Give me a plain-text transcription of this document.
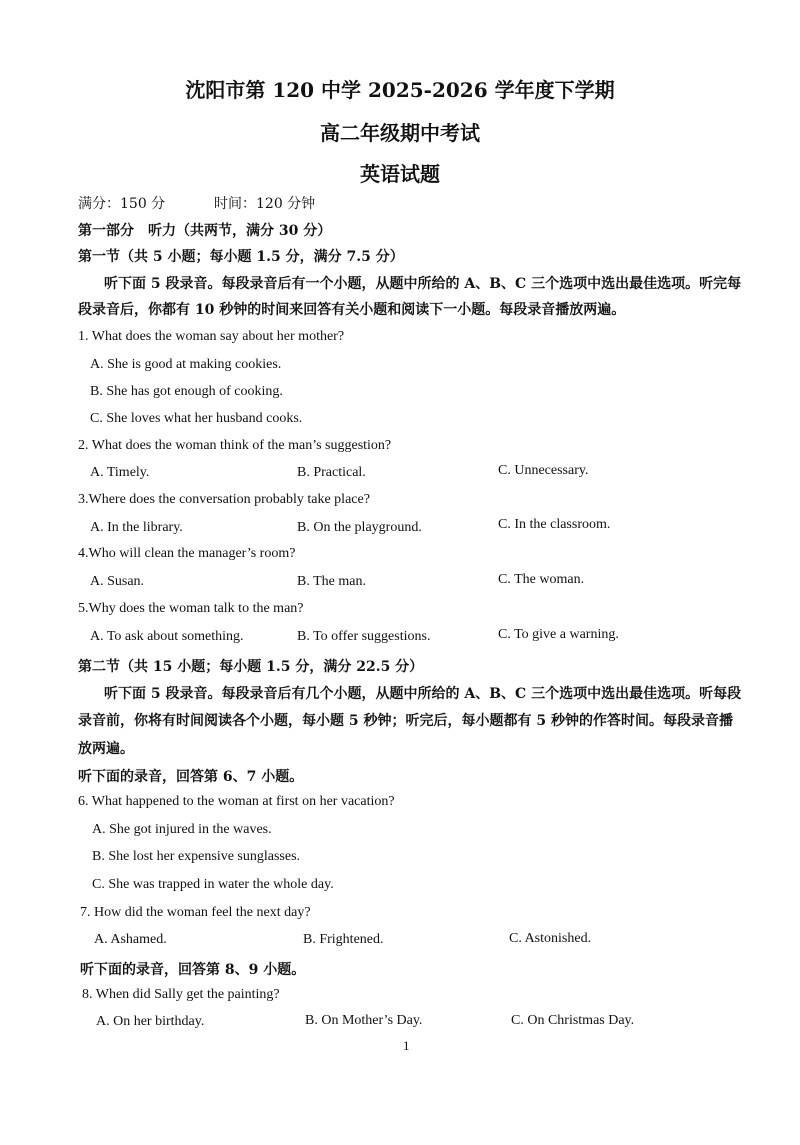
沈阳市第 120 中学 2025-2026 学年度下学期
高二年级期中考试
英语试题
满分：150 分	时间：120 分钟
第一部分　听力（共两节，满分 30 分）
第一节（共 5 小题；每小题 1.5 分，满分 7.5 分）
听下面 5 段录音。每段录音后有一个小题，从题中所给的 A、B、C 三个选项中选出最佳选项。听完每
段录音后，你都有 10 秒钟的时间来回答有关小题和阅读下一小题。每段录音播放两遍。
1. What does the woman say about her mother?
A. She is good at making cookies.
B. She has got enough of cooking.
C. She loves what her husband cooks.
2. What does the woman think of the man’s suggestion?
A. Timely.	B. Practical.	C. Unnecessary.
3.Where does the conversation probably take place?
A. In the library.	B. On the playground.	C. In the classroom.
4.Who will clean the manager’s room?
A. Susan.	B. The man.	C. The woman.
5.Why does the woman talk to the man?
A. To ask about something.	B. To offer suggestions.	C. To give a warning.
第二节（共 15 小题；每小题 1.5 分，满分 22.5 分）
听下面 5 段录音。每段录音后有几个小题，从题中所给的 A、B、C 三个选项中选出最佳选项。听每段
录音前，你将有时间阅读各个小题，每小题 5 秒钟；听完后，每小题都有 5 秒钟的作答时间。每段录音播
放两遍。
听下面的录音，回答第 6、7 小题。
6. What happened to the woman at first on her vacation?
A. She got injured in the waves.
B. She lost her expensive sunglasses.
C. She was trapped in water the whole day.
7. How did the woman feel the next day?
A. Ashamed.	B. Frightened.	C. Astonished.
听下面的录音，回答第 8、9 小题。
8. When did Sally get the painting?
A. On her birthday.	B. On Mother’s Day.	C. On Christmas Day.
1
